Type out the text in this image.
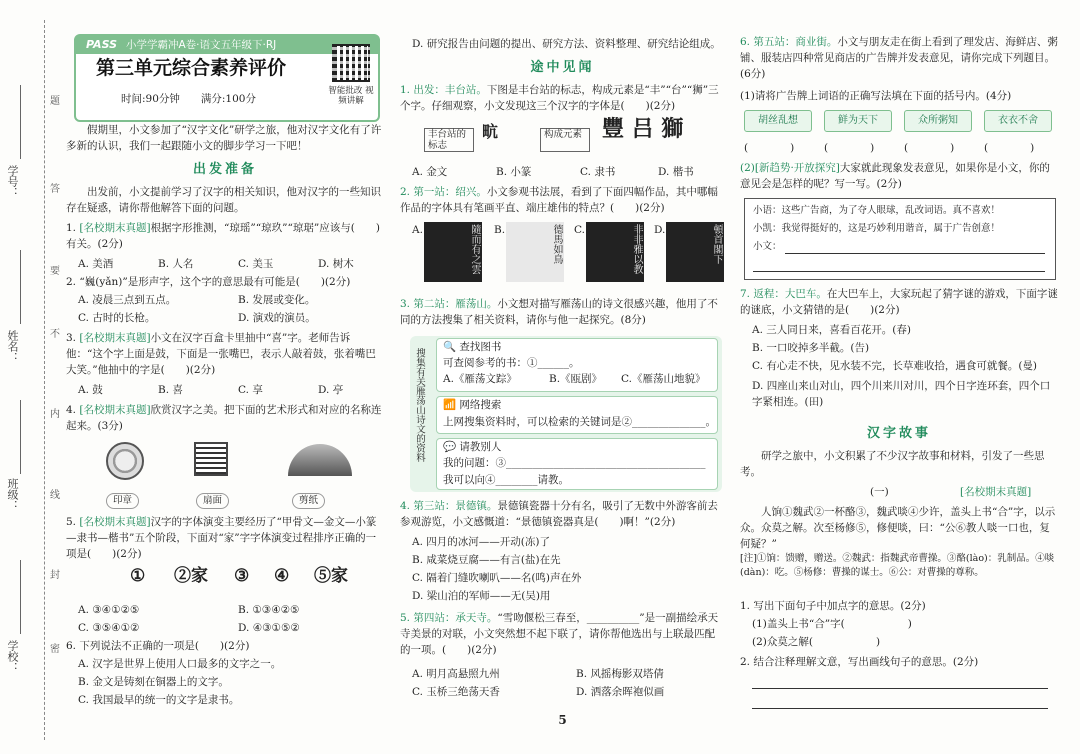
学校：
班级：
姓名：
学号：
题
答
要
不
内
线
封
密
PASS 小学学霸冲A卷·语文五年级下·RJ
第三单元综合素养评价
时间:90分钟　　满分:100分
智能批改 视频讲解
假期里，小文参加了“汉字文化”研学之旅，他对汉字文化有了许多新的认识，我们一起跟随小文的脚步学习一下吧！
出发准备
出发前，小文提前学习了汉字的相关知识，他对汉字的一些知识存在疑惑，请你帮他解答下面的问题。
1. [名校期末真题]根据字形推测，“琼瑶”“琼玖”“琼琚”应该与(　　)有关。(2分)
A. 美酒	B. 人名	C. 美玉	D. 树木
2. “巍(yǎn)”是形声字，这个字的意思最有可能是(　　)(2分)
A. 凌晨三点到五点。	B. 发展或变化。
C. 古时的长枪。	D. 演戏的演员。
3. [名校期末真题]小文在汉字百盒卡里抽中“喜”字。老师告诉他：“这个字上面是鼓，下面是一张嘴巴，表示人敲着鼓，张着嘴巴大笑。”他抽中的字是(　　)(2分)
A. 鼓	B. 喜	C. 享	D. 亭
4. [名校期末真题]欣赏汉字之美。把下面的艺术形式和对应的名称连起来。(3分)
印章	扇面	剪纸
5. [名校期末真题]汉字的字体演变主要经历了“甲骨文—金文—小篆—隶书—楷书”五个阶段，下面对“家”字字体演变过程排序正确的一项是(　　)(2分)
① ②家 ③ ④ ⑤家
A. ③④①②⑤	B. ①③④②⑤
C. ③⑤④①②	D. ④③①⑤②
6. 下列说法不正确的一项是(　　)(2分)
A. 汉字是世界上使用人口最多的文字之一。
B. 金文是铸刻在铜器上的文字。
C. 我国最早的统一的文字是隶书。
D. 研究报告由问题的提出、研究方法、资料整理、研究结论组成。
途中见闻
1. 出发：丰台站。下图是丰台站的标志，构成元素是“丰”“台”“狮”三个字。仔细观察，小文发现这三个汉字的字体是(　　)(2分)
丰台站的标志
㽘	构成元素 豐 吕 獅
A. 金文	B. 小篆	C. 隶书	D. 楷书
2. 第一站：绍兴。小文参观书法展，看到了下面四幅作品，其中哪幅作品的字体具有笔画平直、端庄雄伟的特点？(　　)(2分)
A.	隨而有之雲 B.	德馬如鳥 C.	非非雅以教 D.	頓首閣下
3. 第二站：雁荡山。小文想对描写雁荡山的诗文很感兴趣，他用了不同的方法搜集了相关资料，请你与他一起探究。(8分)
搜集有关雁荡山诗文的资料
🔍 查找图书
可查阅参考的书：①______。
A.《雁荡文踪》	B.《瓯剧》 C.《雁荡山地貌》
📶 网络搜索
上网搜集资料时，可以检索的关键词是②______________。
💬 请教别人
我的问题：③______________________________________
我可以向④________请教。
4. 第三站：景德镇。景德镇瓷器十分有名，吸引了无数中外游客前去参观游览，小文感慨道：“景德镇瓷器真是(　　)啊！”(2分)
A. 四月的冰河——开动(冻)了
B. 咸菜烧豆腐——有言(盐)在先
C. 隔着门缝吹喇叭——名(鸣)声在外
D. 梁山泊的军师——无(吴)用
5. 第四站：承天寺。“雪吻偃松三春至，__________”是一副描绘承天寺美景的对联，小文突然想不起下联了，请你帮他选出与上联最匹配的一项。(　　)(2分)
A. 明月高悬照九州	B. 风摇梅影双塔倩
C. 玉桥三绝荡天香	D. 洒落余晖袍似画
5
6. 第五站：商业街。小文与朋友走在街上看到了理发店、海鲜店、粥铺、服装店四种常见商店的广告牌并发表意见，请你完成下列题目。(6分)
(1)请将广告牌上词语的正确写法填在下面的括号内。(4分)
胡丝乱想	鲜为天下	众所粥知	衣衣不舍
(　　　　)	(　　　　)	(　　　　)	(　　　　)
(2)[新趋势·开放探究]大家就此现象发表意见，如果你是小文，你的意见会是怎样的呢？写一写。(2分)
小语：这些广告商，为了夺人眼球，乱改词语。真不喜欢！
小凯：我觉得挺好的，这是巧妙利用谐音，属于广告创意！
小文：
7. 返程：大巴车。在大巴车上，大家玩起了猜字谜的游戏，下面字谜的谜底，小文猜错的是(　　)(2分)
A. 三人同日来，喜看百花开。(春)
B. 一口咬掉多半截。(告)
C. 有心走不快，见水装不完，长草难收拾，遇食可就餐。(曼)
D. 四座山来山对山，四个川来川对川，四个日字连环套，四个口字紧相连。(田)
汉字故事
研学之旅中，小文积累了不少汉字故事和材料，引发了一些思考。
(一)	[名校期末真题]
人饷①魏武②一杯酪③，魏武啖④少许，盖头上书“合”字，以示众。众莫之解。次至杨修⑤，修便啖，曰：“公⑥教人啖一口也，复何疑？”
[注]①饷：馈赠，赠送。②魏武：指魏武帝曹操。③酪(lào)：乳制品。④啖(dàn)：吃。⑤杨修：曹操的谋士。⑥公：对曹操的尊称。
1. 写出下面句子中加点字的意思。(2分)
(1)盖头上书“合”字(　　　　　　)
(2)众莫之解(　　　　　　)
2. 结合注释理解文意，写出画线句子的意思。(2分)
